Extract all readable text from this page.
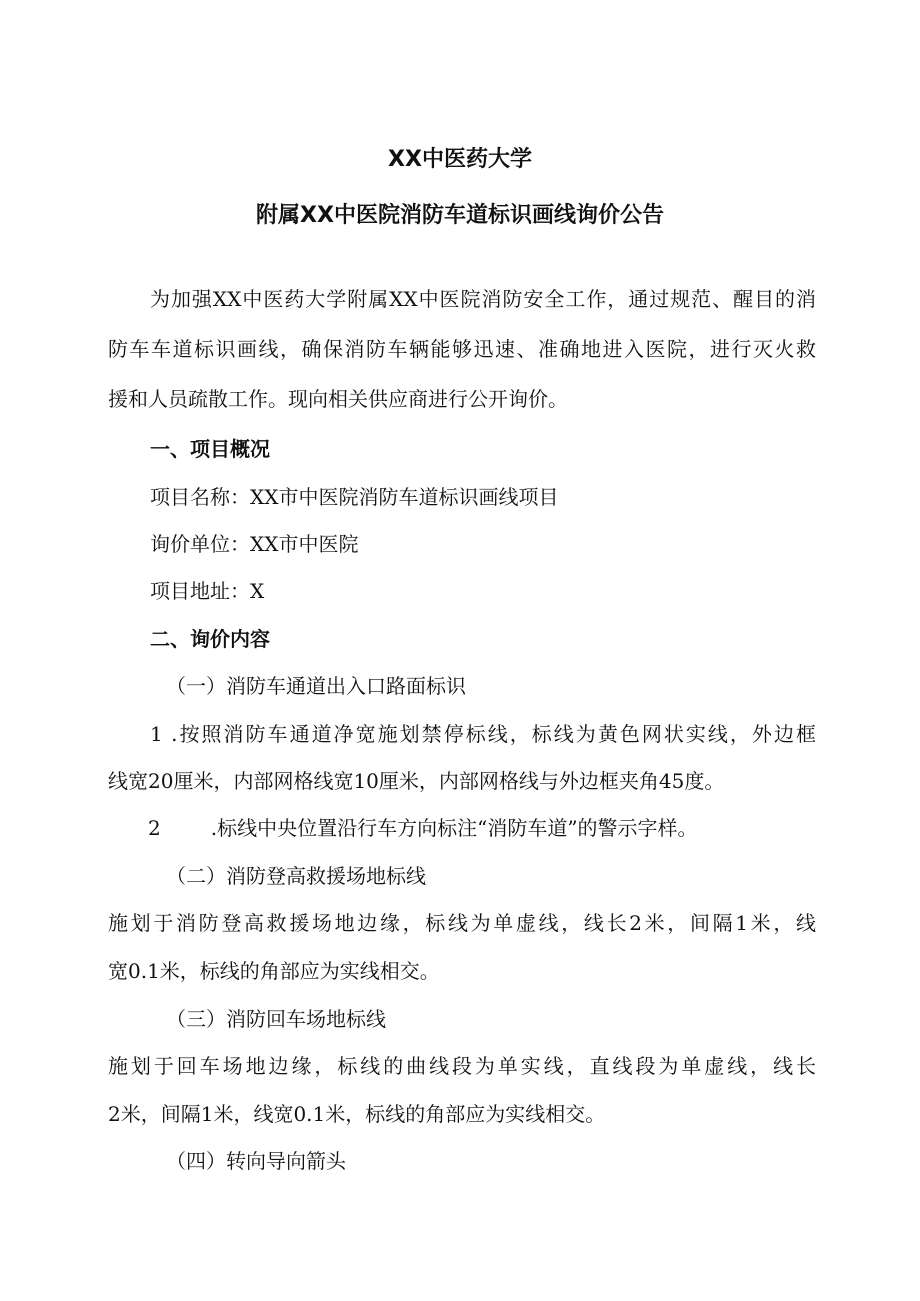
XX中医药大学
附属XX中医院消防车道标识画线询价公告
为加强XX中医药大学附属XX中医院消防安全工作，通过规范、醒目的消
防车车道标识画线，确保消防车辆能够迅速、准确地进入医院，进行灭火救
援和人员疏散工作。现向相关供应商进行公开询价。
一、项目概况
项目名称：XX市中医院消防车道标识画线项目
询价单位：XX市中医院
项目地址：X
二、询价内容
（一）消防车通道出入口路面标识
1 .按照消防车通道净宽施划禁停标线，标线为黄色网状实线，外边框
线宽20厘米，内部网格线宽10厘米，内部网格线与外边框夹角45度。
2	.标线中央位置沿行车方向标注“消防车道”的警示字样。
（二）消防登高救援场地标线
施划于消防登高救援场地边缘，标线为单虚线，线长2米，间隔1米，线
宽0.1米，标线的角部应为实线相交。
（三）消防回车场地标线
施划于回车场地边缘，标线的曲线段为单实线，直线段为单虚线，线长
2米，间隔1米，线宽0.1米，标线的角部应为实线相交。
（四）转向导向箭头
